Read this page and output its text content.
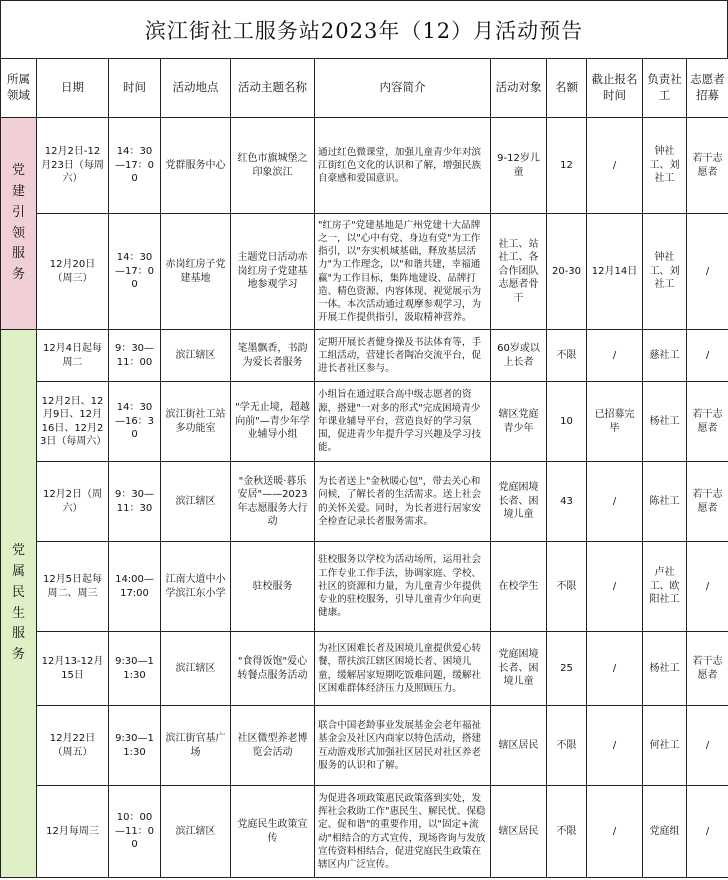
滨江街社工服务站2023年（12）月活动预告
所属领域	日期	时间	活动地点	活动主题名称	内容简介	活动对象	名额	截止报名时间	负责社工	志愿者招募
党建引领服务	12月2日-12月23日（每周六）	14：30—17：00	党群服务中心	红色市旗城堡之印象滨江	通过红色微课堂，加强儿童青少年对滨江街红色文化的认识和了解，增强民族自豪感和爱国意识。	9-12岁儿童	12	/	钟社工、刘社工	若干志愿者
	12月20日（周三）	14：30—17：00	赤岗红房子党建基地	主题党日活动赤岗红房子党建基地参观学习	"红房子"党建基地是广州党建十大品牌之一，以"心中有党、身边有党"为工作指引，以"夯实机城基础，释放基层活力"为工作理念，以"和谐共建，幸福通赢"为工作目标，集阵地建设、品牌打造、精色资源、内容体现、视觉展示为一体。本次活动通过观摩参观学习，为开展工作提供指引，汲取精神营养。	社工、站社工、各合作团队志愿者骨干	20-30	12月14日	钟社工、刘社工	/
党属民生服务	12月4日起每周二	9：30—11：00	滨江辖区	笔墨飘香，书韵为爱长者服务	定期开展长者健身操及书法体育等，手工组活动，营建长者陶冶交流平台，促进长者社区参与。	60岁或以上长者	不限	/	慈社工	/
	12月2日、12月9日、12月16日、12月23日（每周六）	14：30—16：30	滨江街社工站多功能室	"学无止境，超越向前"—青少年学业辅导小组	小组旨在通过联合高中级志愿者的资源，搭建"一对多的形式"完成困境青少年课业辅导平台，营造良好的学习氛围，促进青少年提升学习兴趣及学习技能。	辖区党庭青少年	10	已招募完毕	杨社工	若干志愿者
	12月2日（周六）	9：30—11：30	滨江辖区	"金秋送暖·暮乐安居"——2023年志愿服务大行动	为长者送上"金秋暖心包"，带去关心和问候，了解长者的生活需求。送上社会的关怀关爱。同时，为长者进行居家安全检查记录长者服务需求。	党庭困境长者、困境儿童	43	/	陈社工	若干志愿者
	12月5日起每周二、周三	14:00—17:00	江南大道中小学滨江东小学	驻校服务	驻校服务以学校为活动场所，运用社会工作专业工作手法，协调家庭、学校、社区的资源和力量，为儿童青少年提供专业的驻校服务，引导儿童青少年向更健康。	在校学生	不限	/	卢社工、欧阳社工	/
	12月13-12月15日	9:30—11:30	滨江辖区	"食得饭饱"爱心转餐点服务活动	为社区困难长者及困境儿童提供爱心转餐，帮扶滨江辖区困境长者、困境儿童，缓解居家短期吃饭难问题，缓解社区困难群体经济压力及照顾压力。	党庭困境长者、困境儿童	25	/	杨社工	若干志愿者
	12月22日（周五）	9:30—11:30	滨江街官基广场	社区微型养老博览会活动	联合中国老龄事业发展基金会老年福祉基金会及社区内商家以特色活动，搭建互动游戏形式加强社区居民对社区养老服务的认识和了解。	辖区居民	不限	/	何社工	/
	12月每周三	10：00—11：00	滨江辖区	党庭民生政策宣传	为促进各项政策惠民政策落到实处，发挥社会救助工作"惠民生、解民忧、保稳定、促和谐"的重要作用，以"固定+流动"相结合的方式宣传，现场咨询与发放宣传资料相结合，促进党庭民生政策在辖区内广泛宣传。	辖区居民	不限	/	党庭组	/
